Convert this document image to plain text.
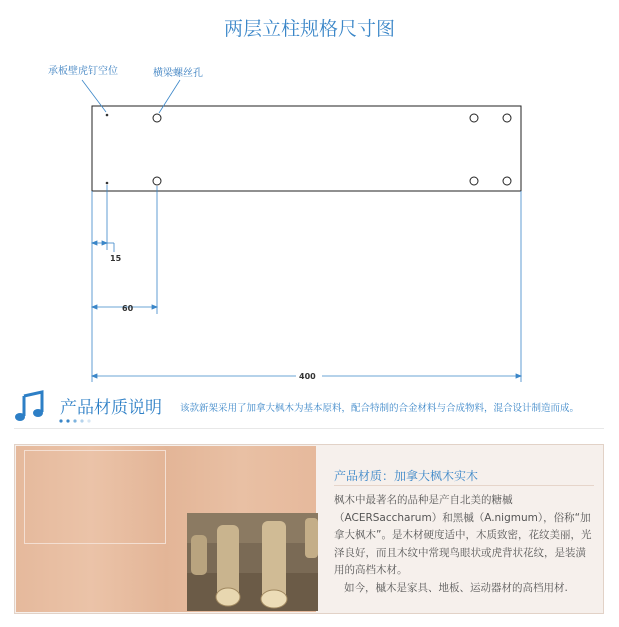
两层立柱规格尺寸图
15
60
400
承板壁虎钉空位	横梁螺丝孔
产品材质说明 该款新架采用了加拿大枫木为基本原料，配合特制的合金材料与合成物料，混合设计制造而成。
产品材质：加拿大枫木实木

枫木中最著名的品种是产自北美的糖槭（ACERSaccharum）和黑槭（A.nigmum），俗称“加拿大枫木”。是木材硬度适中，木质致密，花纹美丽，光泽良好，而且木纹中常现鸟眼状或虎背状花纹，是装潢用的高档木材。

如今，槭木是家具、地板、运动器材的高档用材.
